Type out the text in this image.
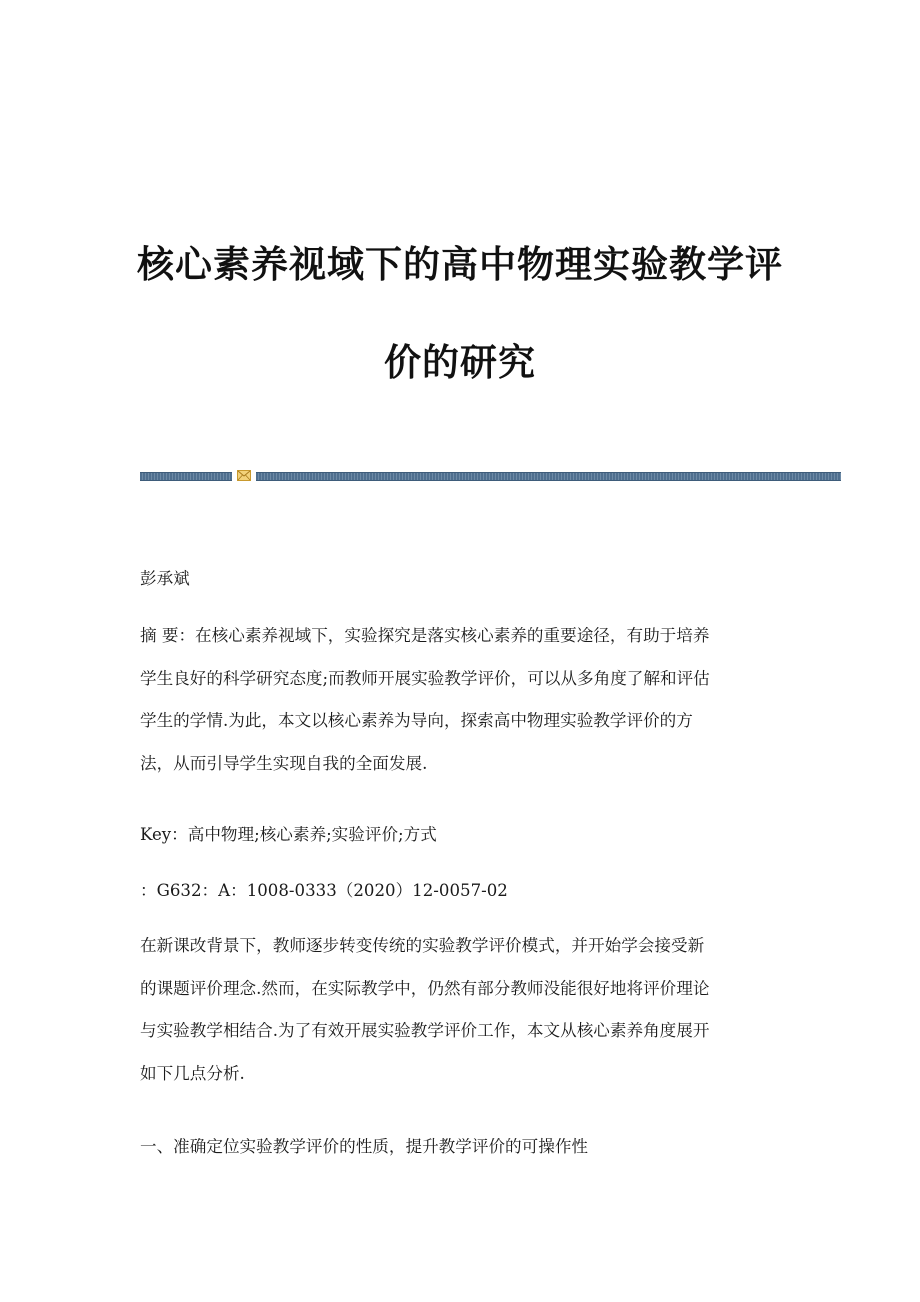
核心素养视域下的高中物理实验教学评
价的研究
彭承斌

摘 要：在核心素养视域下，实验探究是落实核心素养的重要途径，有助于培养
学生良好的科学研究态度;而教师开展实验教学评价，可以从多角度了解和评估
学生的学情.为此，本文以核心素养为导向，探索高中物理实验教学评价的方
法，从而引导学生实现自我的全面发展.

Key：高中物理;核心素养;实验评价;方式
：G632：A：1008-0333（2020）12-0057-02

在新课改背景下，教师逐步转变传统的实验教学评价模式，并开始学会接受新
的课题评价理念.然而，在实际教学中，仍然有部分教师没能很好地将评价理论
与实验教学相结合.为了有效开展实验教学评价工作，本文从核心素养角度展开
如下几点分析.

一、准确定位实验教学评价的性质，提升教学评价的可操作性
